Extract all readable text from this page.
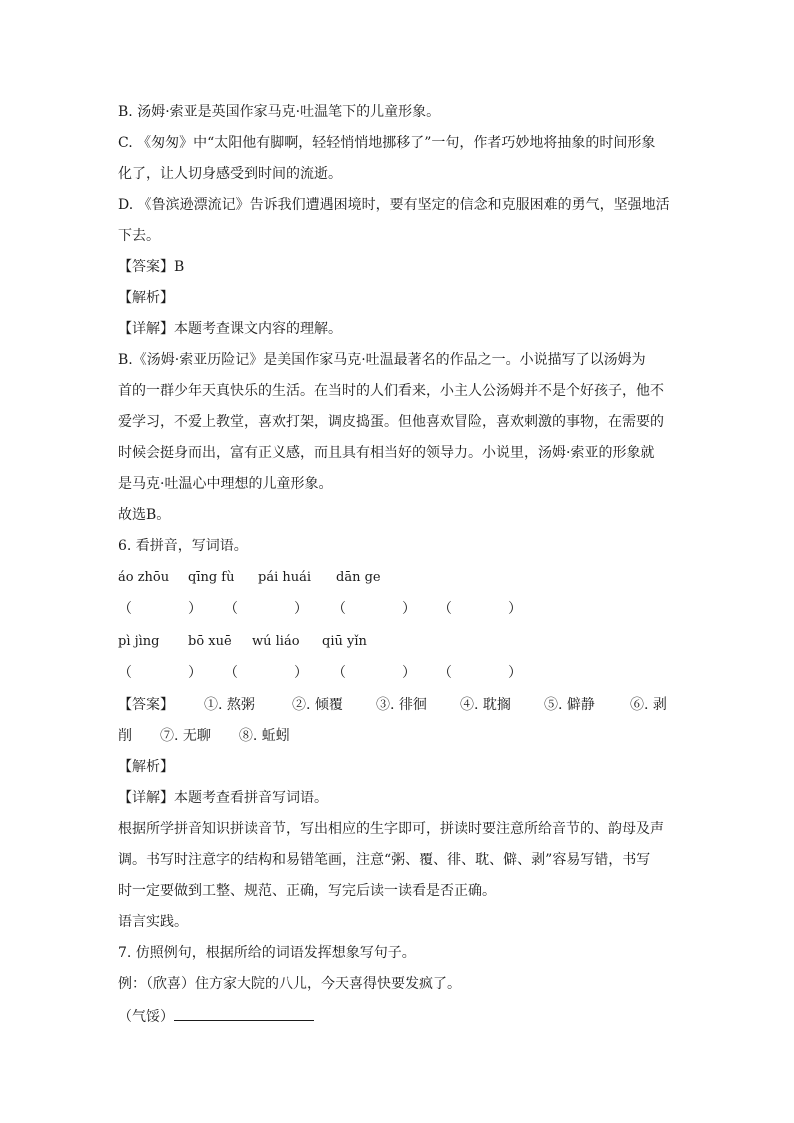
B. 汤姆·索亚是英国作家马克·吐温笔下的儿童形象。
C. 《匆匆》中“太阳他有脚啊，轻轻悄悄地挪移了”一句，作者巧妙地将抽象的时间形象
化了，让人切身感受到时间的流逝。
D. 《鲁滨逊漂流记》告诉我们遭遇困境时，要有坚定的信念和克服困难的勇气，坚强地活
下去。
【答案】B
【解析】
【详解】本题考查课文内容的理解。
B.《汤姆·索亚历险记》是美国作家马克·吐温最著名的作品之一。小说描写了以汤姆为
首的一群少年天真快乐的生活。在当时的人们看来，小主人公汤姆并不是个好孩子，他不
爱学习，不爱上教堂，喜欢打架，调皮捣蛋。但他喜欢冒险，喜欢刺激的事物，在需要的
时候会挺身而出，富有正义感，而且具有相当好的领导力。小说里，汤姆·索亚的形象就
是马克·吐温心中理想的儿童形象。
故选B。
6. 看拼音，写词语。
áo zhōu qīng fù pái huái dān ge
（　　　　） （　　　　） （　　　　） （　　　　）
pì jìng bō xuē wú liáo qiū yǐn
（　　　　） （　　　　） （　　　　） （　　　　）
【答案】 ①. 熬粥	②. 倾覆 ③. 徘徊 ④. 耽搁 ⑤. 僻静	⑥. 剥
削　　⑦. 无聊　　⑧. 蚯蚓
【解析】
【详解】本题考查看拼音写词语。
根据所学拼音知识拼读音节，写出相应的生字即可，拼读时要注意所给音节的、韵母及声
调。书写时注意字的结构和易错笔画，注意“粥、覆、徘、耽、僻、剥”容易写错，书写
时一定要做到工整、规范、正确，写完后读一读看是否正确。
语言实践。
7. 仿照例句，根据所给的词语发挥想象写句子。
例：（欣喜）住方家大院的八儿，今天喜得快要发疯了。
（气馁）
